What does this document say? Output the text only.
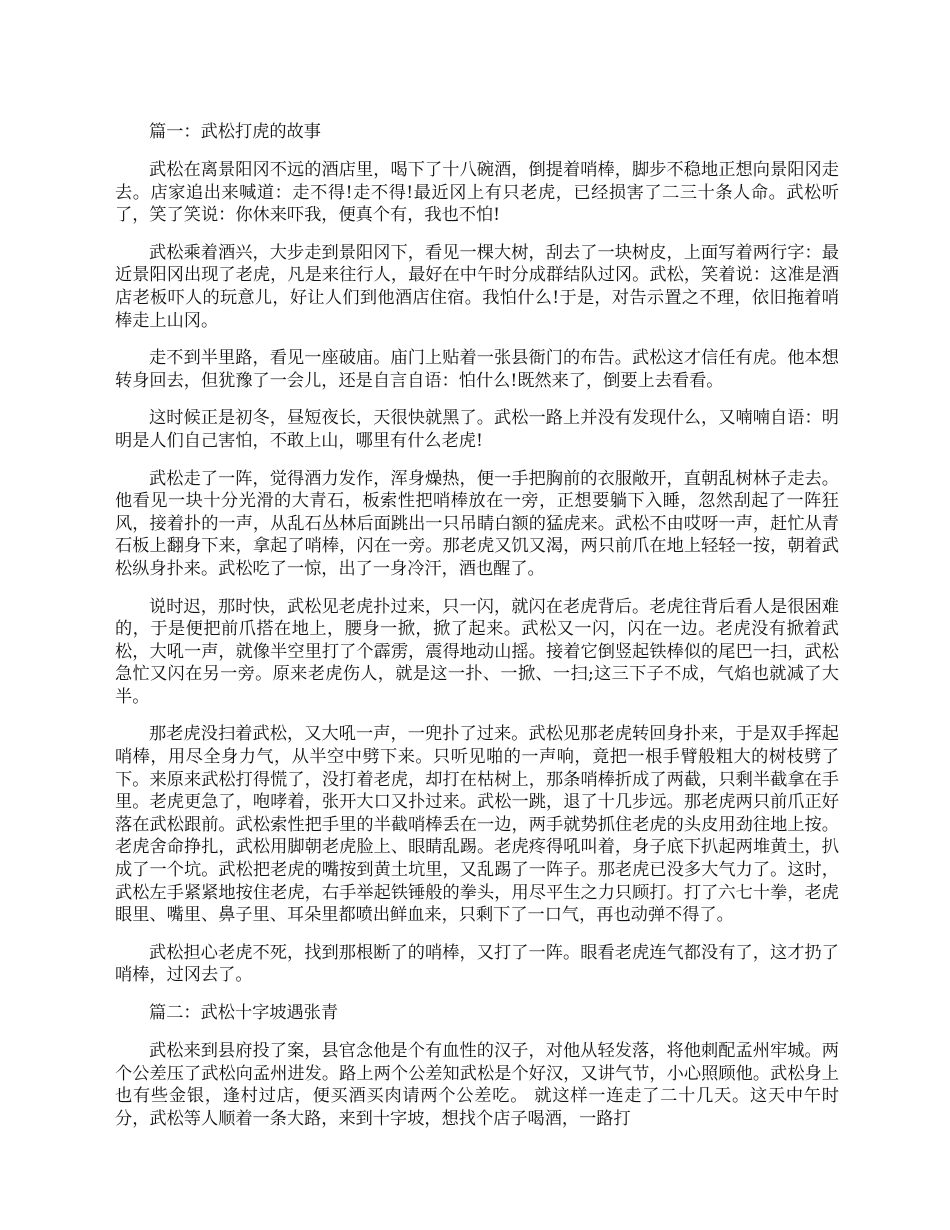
篇一：武松打虎的故事

武松在离景阳冈不远的酒店里，喝下了十八碗酒，倒提着哨棒，脚步不稳地正想向景阳冈走去。店家追出来喊道：走不得!走不得!最近冈上有只老虎，已经损害了二三十条人命。武松听了，笑了笑说：你休来吓我，便真个有，我也不怕!

武松乘着酒兴，大步走到景阳冈下，看见一棵大树，刮去了一块树皮，上面写着两行字：最近景阳冈出现了老虎，凡是来往行人，最好在中午时分成群结队过冈。武松，笑着说：这准是酒店老板吓人的玩意儿，好让人们到他酒店住宿。我怕什么!于是，对告示置之不理，依旧拖着哨棒走上山冈。

走不到半里路，看见一座破庙。庙门上贴着一张县衙门的布告。武松这才信任有虎。他本想转身回去，但犹豫了一会儿，还是自言自语：怕什么!既然来了，倒要上去看看。

这时候正是初冬，昼短夜长，天很快就黑了。武松一路上并没有发现什么，又喃喃自语：明明是人们自己害怕，不敢上山，哪里有什么老虎!

武松走了一阵，觉得酒力发作，浑身燥热，便一手把胸前的衣服敞开，直朝乱树林子走去。他看见一块十分光滑的大青石，板索性把哨棒放在一旁，正想要躺下入睡，忽然刮起了一阵狂风，接着扑的一声，从乱石丛林后面跳出一只吊睛白额的猛虎来。武松不由哎呀一声，赶忙从青石板上翻身下来，拿起了哨棒，闪在一旁。那老虎又饥又渴，两只前爪在地上轻轻一按，朝着武松纵身扑来。武松吃了一惊，出了一身冷汗，酒也醒了。

说时迟，那时快，武松见老虎扑过来，只一闪，就闪在老虎背后。老虎往背后看人是很困难的，于是便把前爪搭在地上，腰身一掀，掀了起来。武松又一闪，闪在一边。老虎没有掀着武松，大吼一声，就像半空里打了个霹雳，震得地动山摇。接着它倒竖起铁棒似的尾巴一扫，武松急忙又闪在另一旁。原来老虎伤人，就是这一扑、一掀、一扫;这三下子不成，气焰也就减了大半。

那老虎没扫着武松，又大吼一声，一兜扑了过来。武松见那老虎转回身扑来，于是双手挥起哨棒，用尽全身力气，从半空中劈下来。只听见啪的一声响，竟把一根手臂般粗大的树枝劈了下。来原来武松打得慌了，没打着老虎，却打在枯树上，那条哨棒折成了两截，只剩半截拿在手里。老虎更急了，咆哮着，张开大口又扑过来。武松一跳，退了十几步远。那老虎两只前爪正好落在武松跟前。武松索性把手里的半截哨棒丢在一边，两手就势抓住老虎的头皮用劲往地上按。老虎舍命挣扎，武松用脚朝老虎脸上、眼睛乱踢。老虎疼得吼叫着，身子底下扒起两堆黄土，扒成了一个坑。武松把老虎的嘴按到黄土坑里，又乱踢了一阵子。那老虎已没多大气力了。这时，武松左手紧紧地按住老虎，右手举起铁锤般的拳头，用尽平生之力只顾打。打了六七十拳，老虎眼里、嘴里、鼻子里、耳朵里都喷出鲜血来，只剩下了一口气，再也动弹不得了。

武松担心老虎不死，找到那根断了的哨棒，又打了一阵。眼看老虎连气都没有了，这才扔了哨棒，过冈去了。

篇二：武松十字坡遇张青

武松来到县府投了案，县官念他是个有血性的汉子，对他从轻发落，将他刺配孟州牢城。两个公差压了武松向孟州进发。路上两个公差知武松是个好汉，又讲气节，小心照顾他。武松身上也有些金银，逢村过店，便买酒买肉请两个公差吃。 就这样一连走了二十几天。这天中午时分，武松等人顺着一条大路，来到十字坡，想找个店子喝酒，一路打
